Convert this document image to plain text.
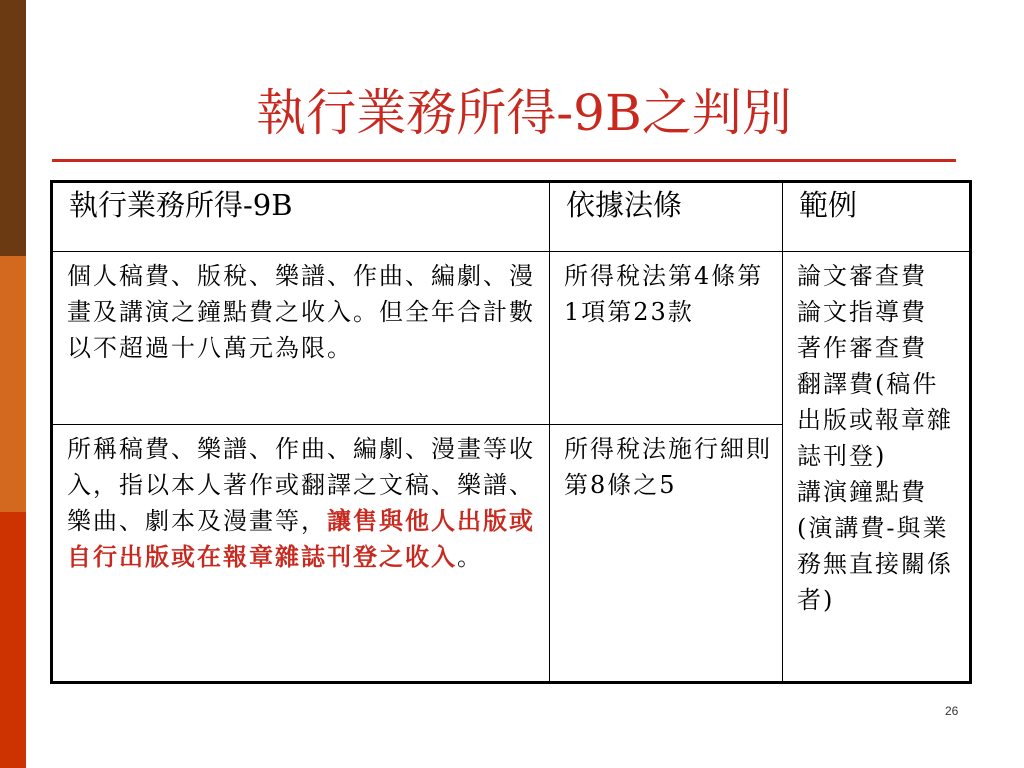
執行業務所得-9B之判別
執行業務所得-9B	依據法條	範例
個人稿費、版稅、樂譜、作曲、編劇、漫畫及講演之鐘點費之收入。但全年合計數以不超過十八萬元為限。	所得稅法第4條第1項第23款	論文審查費
論文指導費
著作審查費
翻譯費(稿件出版或報章雜誌刊登)
講演鐘點費(演講費-與業務無直接關係者)

所稱稿費、樂譜、作曲、編劇、漫畫等收入，指以本人著作或翻譯之文稿、樂譜、樂曲、劇本及漫畫等，讓售與他人出版或自行出版或在報章雜誌刊登之收入。	所得稅法施行細則第8條之5	
26
